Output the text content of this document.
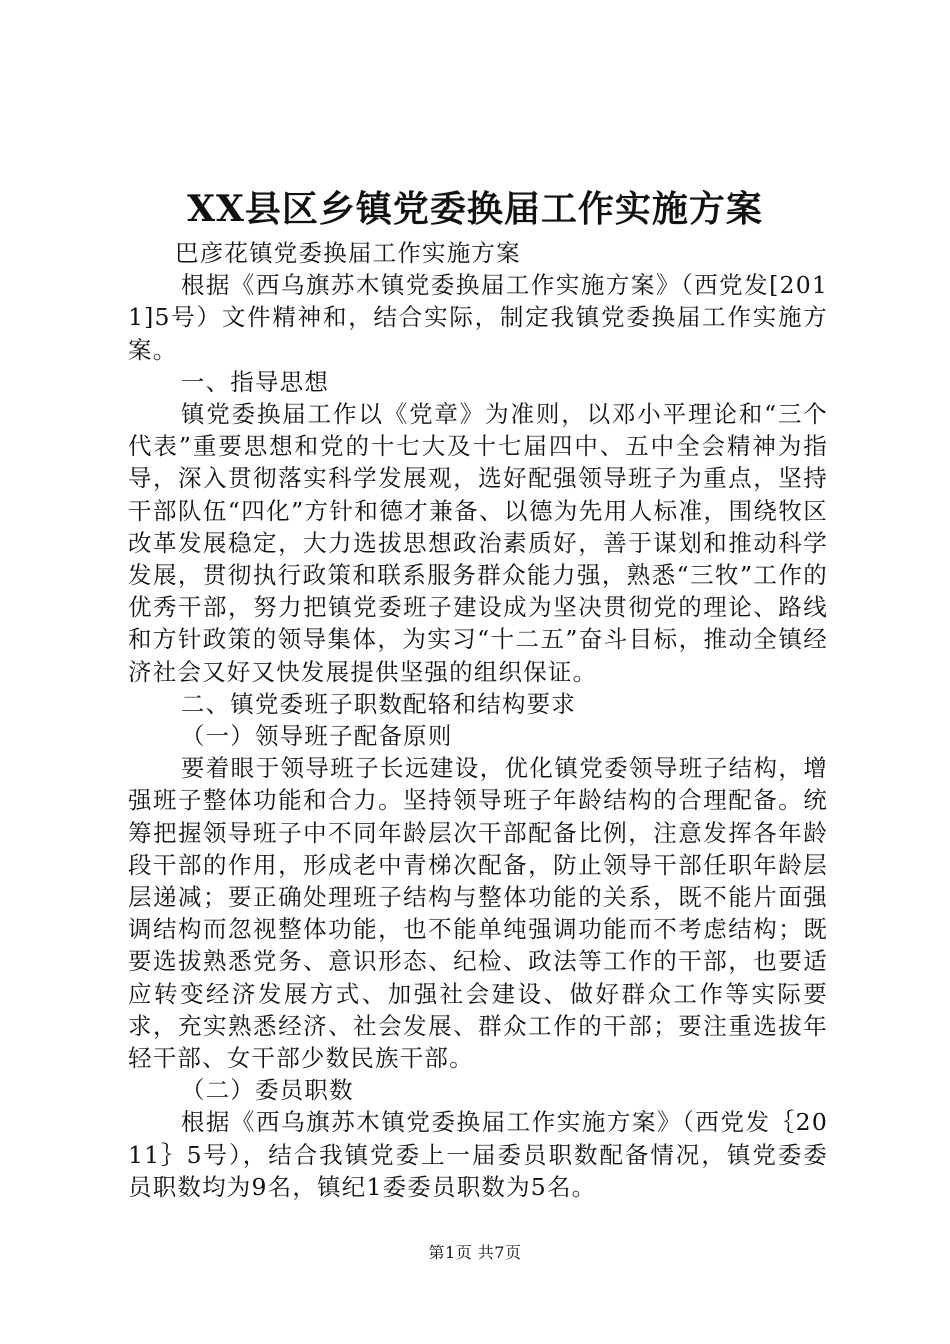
XX县区乡镇党委换届工作实施方案

巴彦花镇党委换届工作实施方案

根据《西乌旗苏木镇党委换届工作实施方案》（西党发[2011]5号）文件精神和，结合实际，制定我镇党委换届工作实施方案。

一、指导思想

镇党委换届工作以《党章》为准则，以邓小平理论和“三个代表”重要思想和党的十七大及十七届四中、五中全会精神为指导，深入贯彻落实科学发展观，选好配强领导班子为重点，坚持干部队伍“四化”方针和德才兼备、以德为先用人标准，围绕牧区改革发展稳定，大力选拔思想政治素质好，善于谋划和推动科学发展，贯彻执行政策和联系服务群众能力强，熟悉“三牧”工作的优秀干部，努力把镇党委班子建设成为坚决贯彻党的理论、路线和方针政策的领导集体，为实习“十二五”奋斗目标，推动全镇经济社会又好又快发展提供坚强的组织保证。

二、镇党委班子职数配辂和结构要求

（一）领导班子配备原则

要着眼于领导班子长远建设，优化镇党委领导班子结构，增强班子整体功能和合力。坚持领导班子年龄结构的合理配备。统筹把握领导班子中不同年龄层次干部配备比例，注意发挥各年龄段干部的作用，形成老中青梯次配备，防止领导干部任职年龄层层递减；要正确处理班子结构与整体功能的关系，既不能片面强调结构而忽视整体功能，也不能单纯强调功能而不考虑结构；既要选拔熟悉党务、意识形态、纪检、政法等工作的干部，也要适应转变经济发展方式、加强社会建设、做好群众工作等实际要求，充实熟悉经济、社会发展、群众工作的干部；要注重选拔年轻干部、女干部少数民族干部。

（二）委员职数

根据《西乌旗苏木镇党委换届工作实施方案》（西党发｛2011｝5号），结合我镇党委上一届委员职数配备情况，镇党委委员职数均为9名，镇纪1委委员职数为5名。

第1页 共7页
